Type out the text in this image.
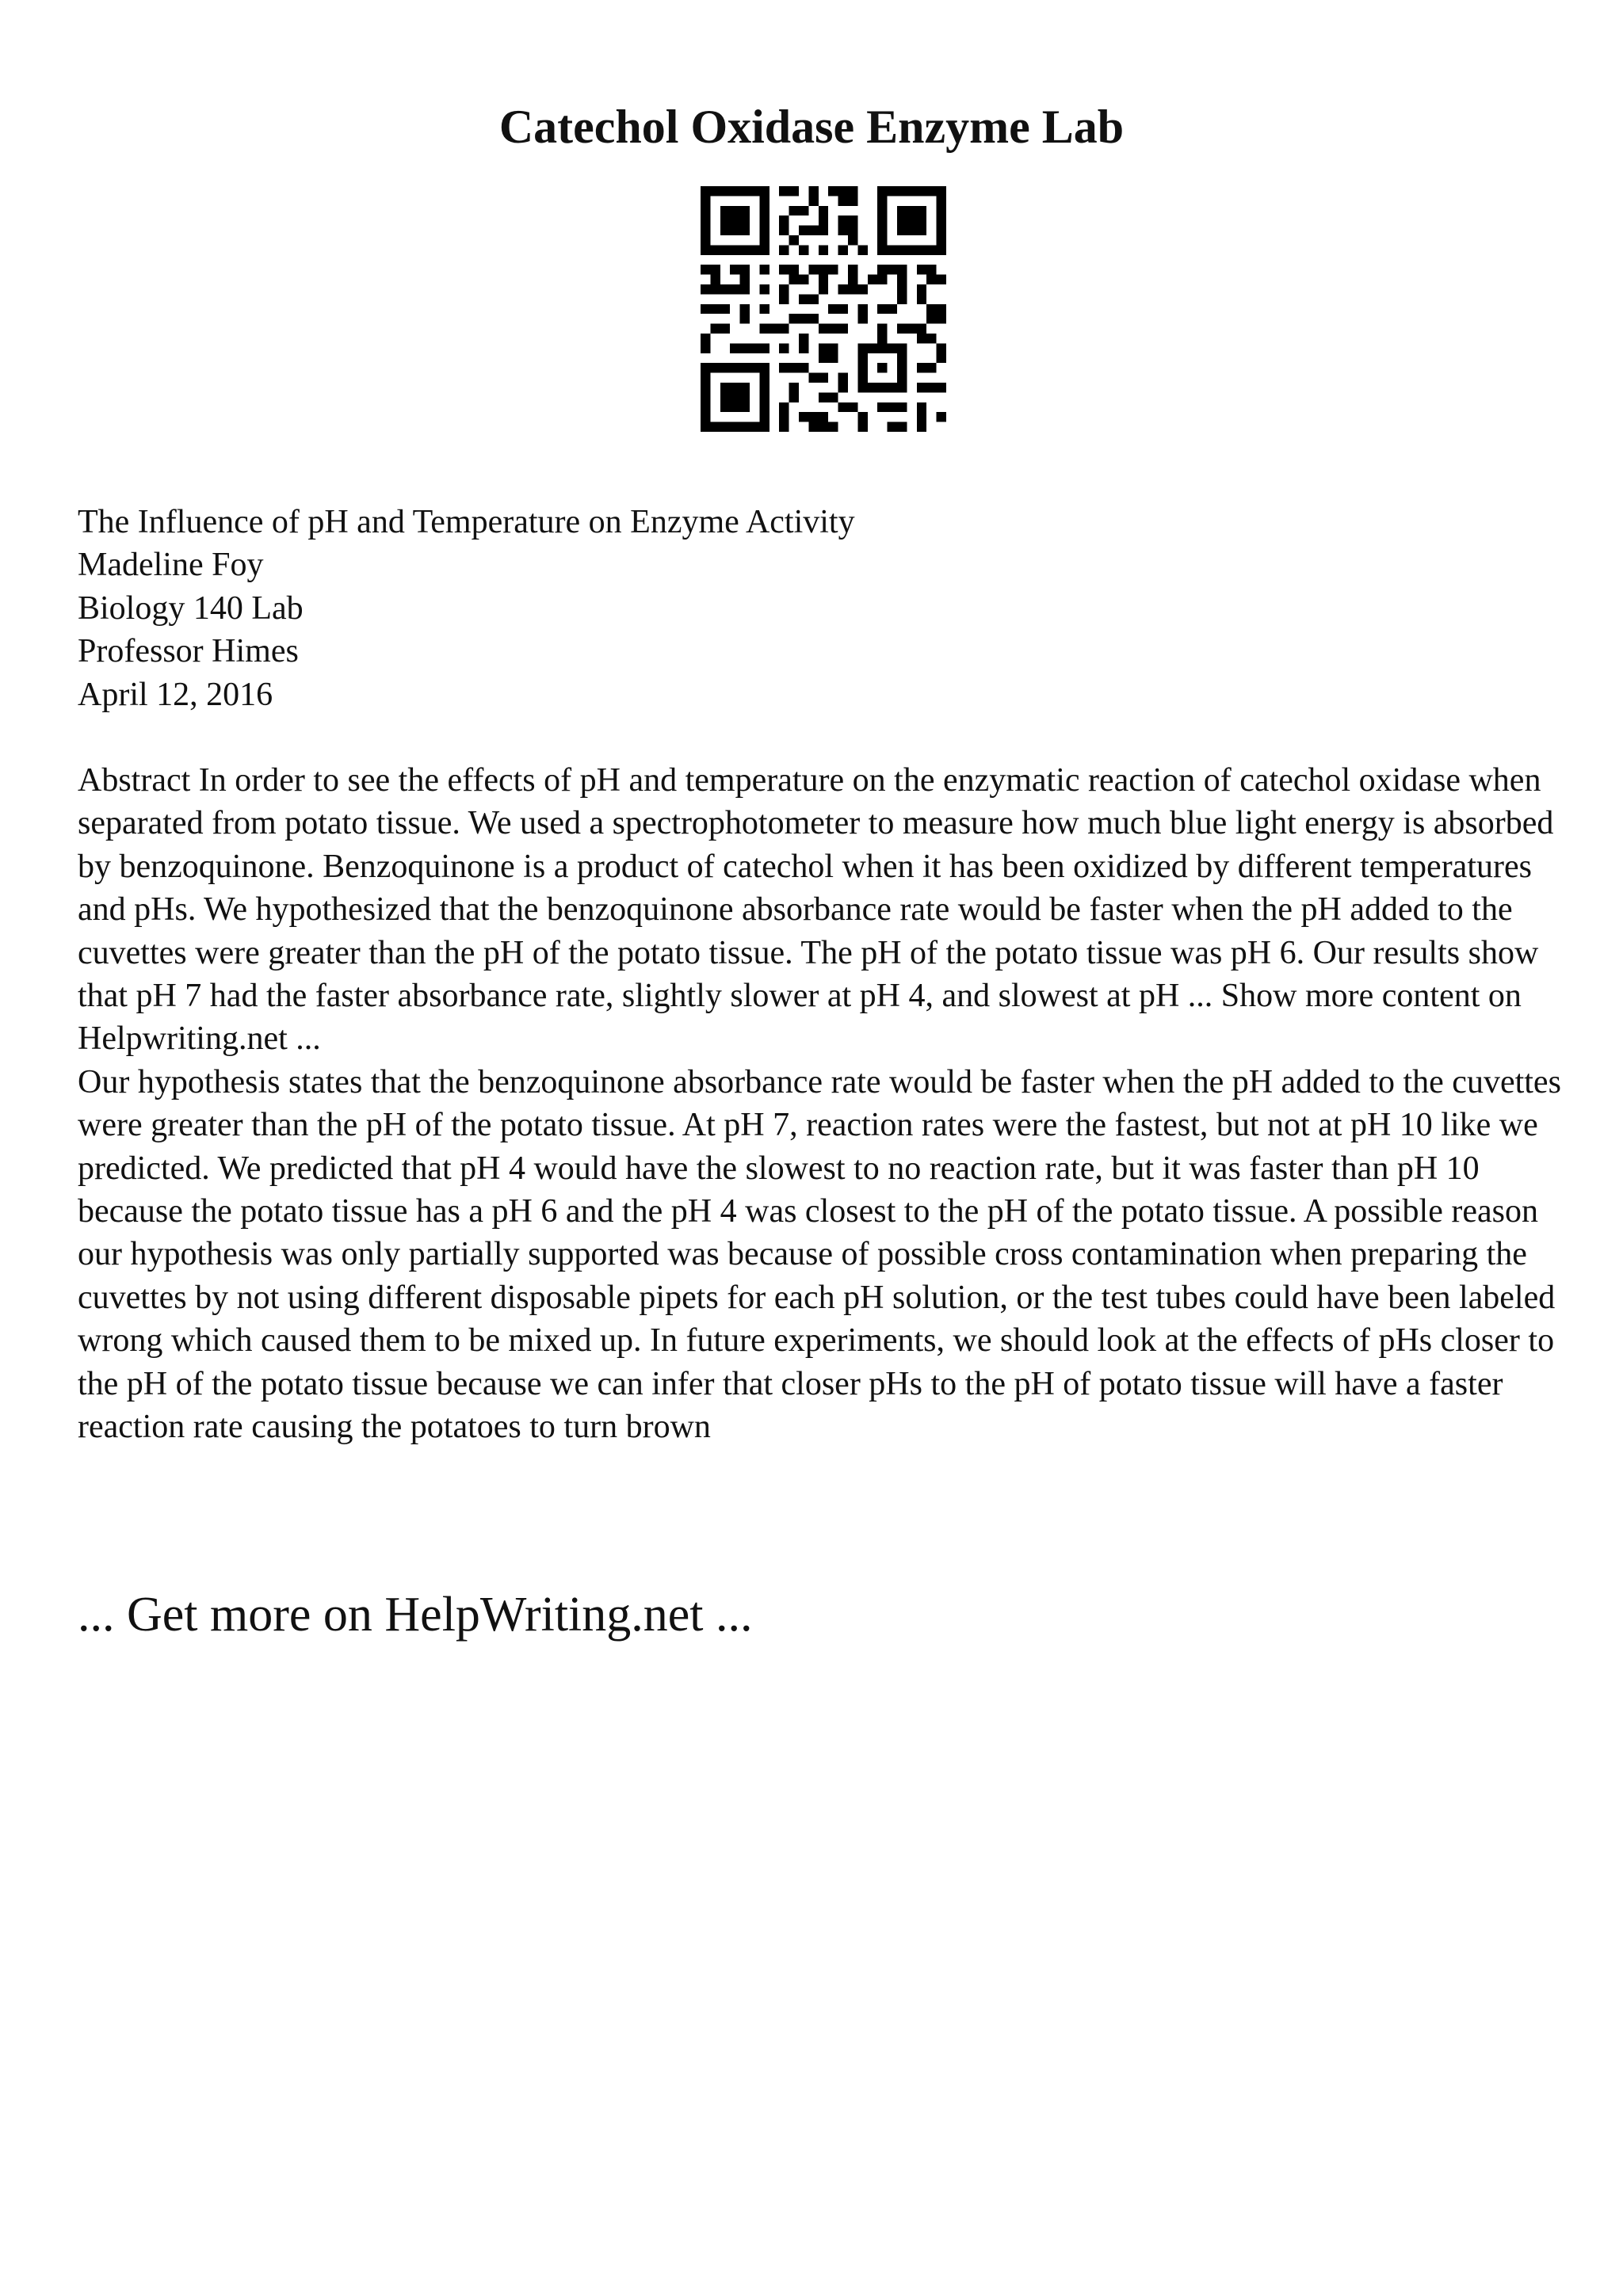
Catechol Oxidase Enzyme Lab
The Influence of pH and Temperature on Enzyme Activity
Madeline Foy
Biology 140 Lab
Professor Himes
April 12, 2016

Abstract In order to see the effects of pH and temperature on the enzymatic reaction of catechol oxidase when separated from potato tissue. We used a spectrophotometer to measure how much blue light energy is absorbed by benzoquinone. Benzoquinone is a product of catechol when it has been oxidized by different temperatures and pHs. We hypothesized that the benzoquinone absorbance rate would be faster when the pH added to the cuvettes were greater than the pH of the potato tissue. The pH of the potato tissue was pH 6. Our results show that pH 7 had the faster absorbance rate, slightly slower at pH 4, and slowest at pH ... Show more content on Helpwriting.net ...

Our hypothesis states that the benzoquinone absorbance rate would be faster when the pH added to the cuvettes were greater than the pH of the potato tissue. At pH 7, reaction rates were the fastest, but not at pH 10 like we predicted. We predicted that pH 4 would have the slowest to no reaction rate, but it was faster than pH 10 because the potato tissue has a pH 6 and the pH 4 was closest to the pH of the potato tissue. A possible reason our hypothesis was only partially supported was because of possible cross contamination when preparing the cuvettes by not using different disposable pipets for each pH solution, or the test tubes could have been labeled wrong which caused them to be mixed up. In future experiments, we should look at the effects of pHs closer to the pH of the potato tissue because we can infer that closer pHs to the pH of potato tissue will have a faster reaction rate causing the potatoes to turn brown

... Get more on HelpWriting.net ...
